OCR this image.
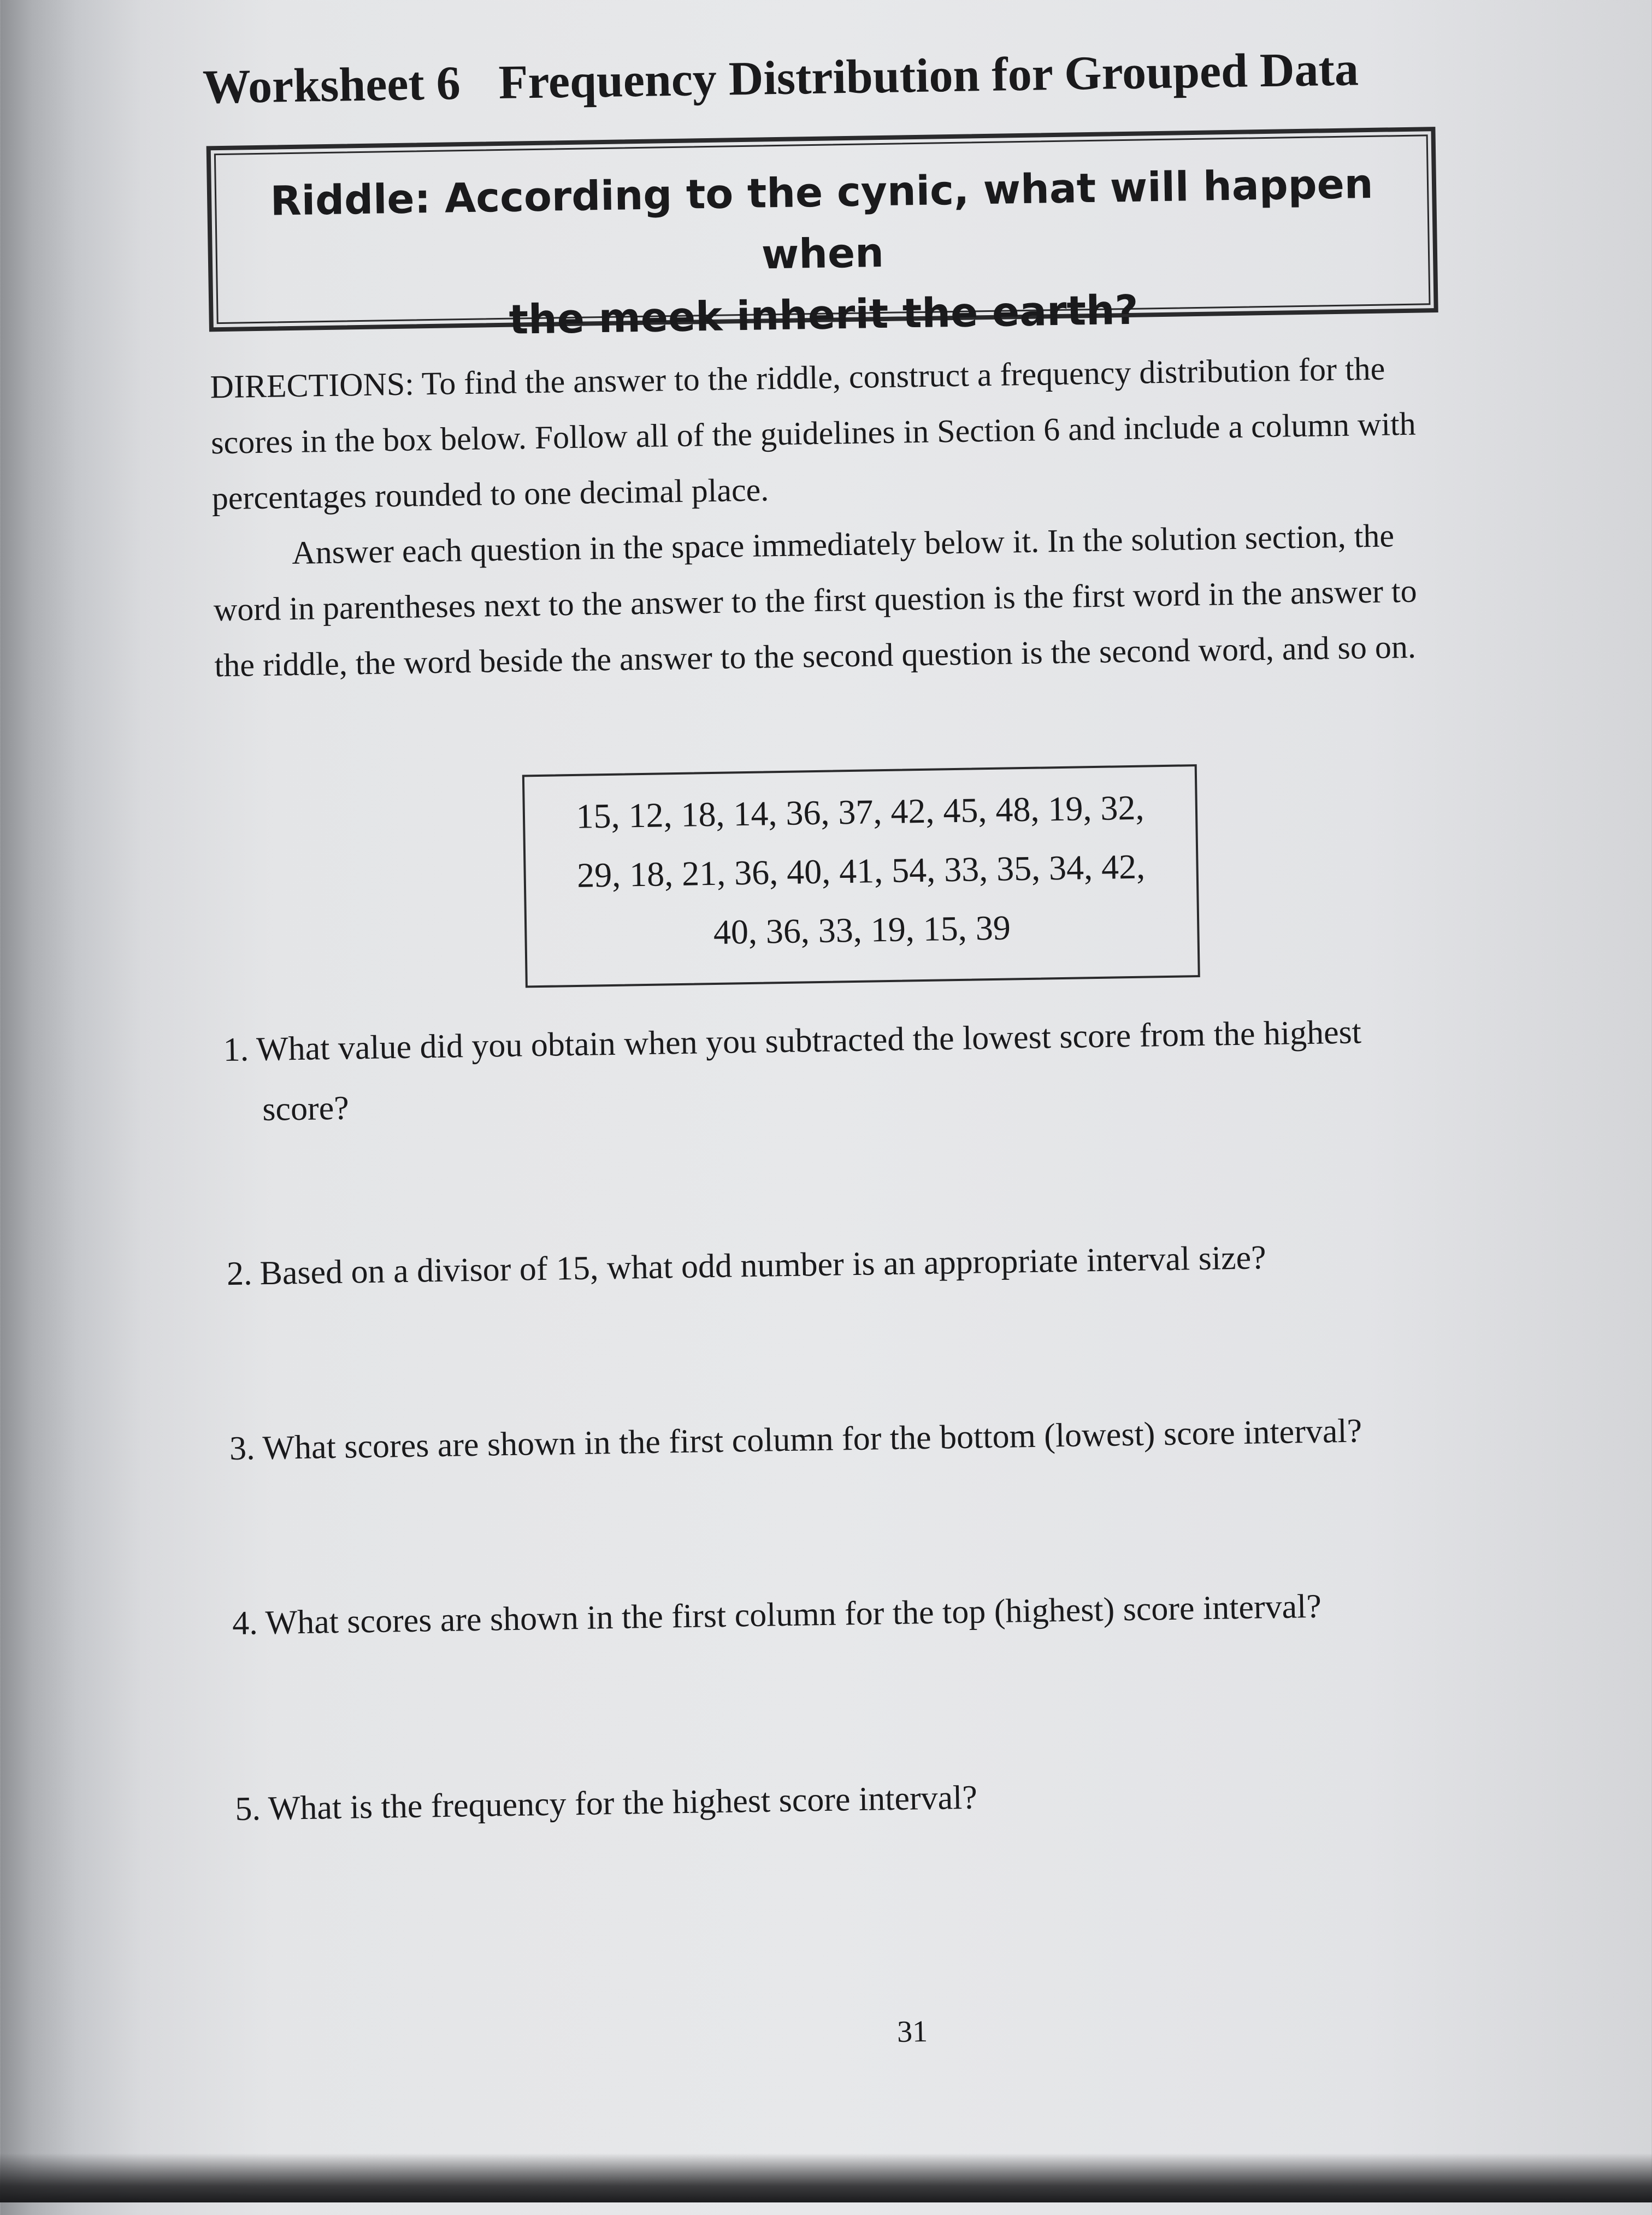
Worksheet 6 Frequency Distribution for Grouped Data
Riddle: According to the cynic, what will happen when
the meek inherit the earth?

DIRECTIONS: To find the answer to the riddle, construct a frequency distribution for the scores in the box below. Follow all of the guidelines in Section 6 and include a column with percentages rounded to one decimal place.

Answer each question in the space immediately below it. In the solution section, the word in parentheses next to the answer to the first question is the first word in the answer to the riddle, the word beside the answer to the second question is the second word, and so on.

15, 12, 18, 14, 36, 37, 42, 45, 48, 19, 32,
29, 18, 21, 36, 40, 41, 54, 33, 35, 34, 42,
40, 36, 33, 19, 15, 39
1. What value did you obtain when you subtracted the lowest score from the highest
score?
2. Based on a divisor of 15, what odd number is an appropriate interval size?
3. What scores are shown in the first column for the bottom (lowest) score interval?
4. What scores are shown in the first column for the top (highest) score interval?
5. What is the frequency for the highest score interval?
31
